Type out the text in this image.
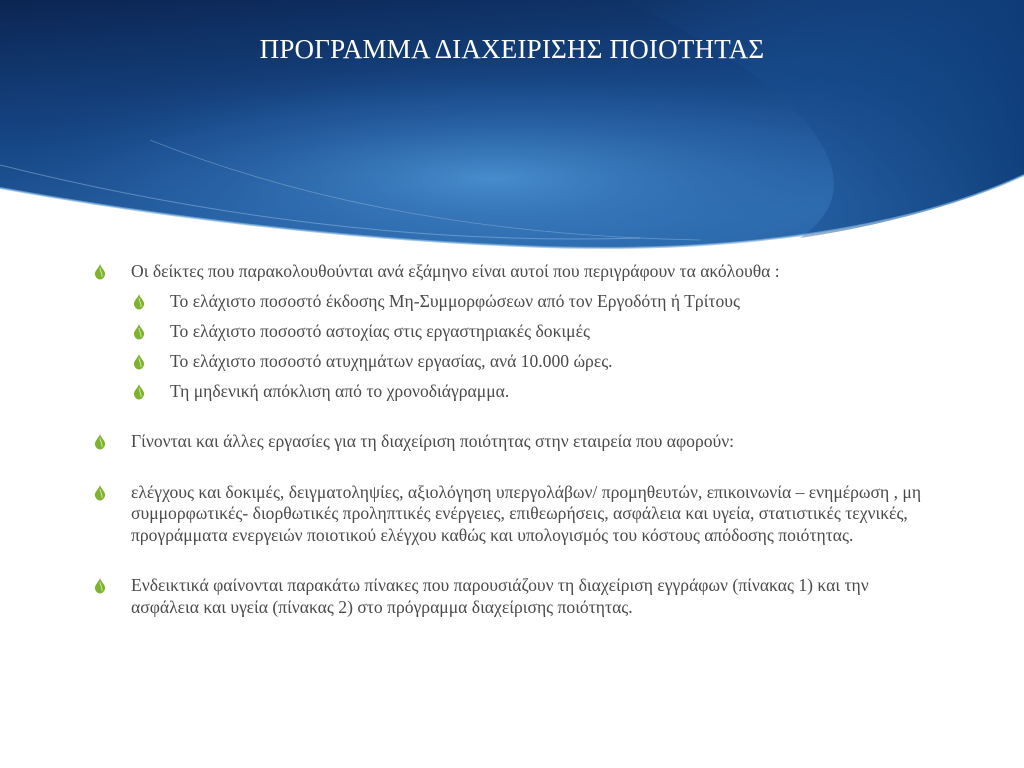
ΠΡΟΓΡΑΜΜΑ ΔΙΑΧΕΙΡΙΣΗΣ ΠΟΙΟΤΗΤΑΣ
Οι δείκτες που παρακολουθούνται ανά εξάμηνο είναι αυτοί που περιγράφουν τα ακόλουθα :
Το ελάχιστο ποσοστό έκδοσης Μη-Συμμορφώσεων από τον Εργοδότη ή Τρίτους
Το ελάχιστο ποσοστό αστοχίας στις εργαστηριακές δοκιμές
Το ελάχιστο ποσοστό ατυχημάτων εργασίας, ανά 10.000 ώρες.
Τη μηδενική απόκλιση από το χρονοδιάγραμμα.
Γίνονται και άλλες εργασίες για τη διαχείριση ποιότητας στην εταιρεία που αφορούν:
ελέγχους και δοκιμές, δειγματοληψίες, αξιολόγηση υπεργολάβων/ προμηθευτών, επικοινωνία – ενημέρωση , μη συμμορφωτικές- διορθωτικές προληπτικές ενέργειες, επιθεωρήσεις, ασφάλεια και υγεία, στατιστικές τεχνικές, προγράμματα ενεργειών ποιοτικού ελέγχου καθώς και υπολογισμός του κόστους απόδοσης ποιότητας.
Ενδεικτικά φαίνονται παρακάτω πίνακες που παρουσιάζουν τη διαχείριση εγγράφων (πίνακας 1) και την ασφάλεια και υγεία (πίνακας 2) στο πρόγραμμα διαχείρισης ποιότητας.
